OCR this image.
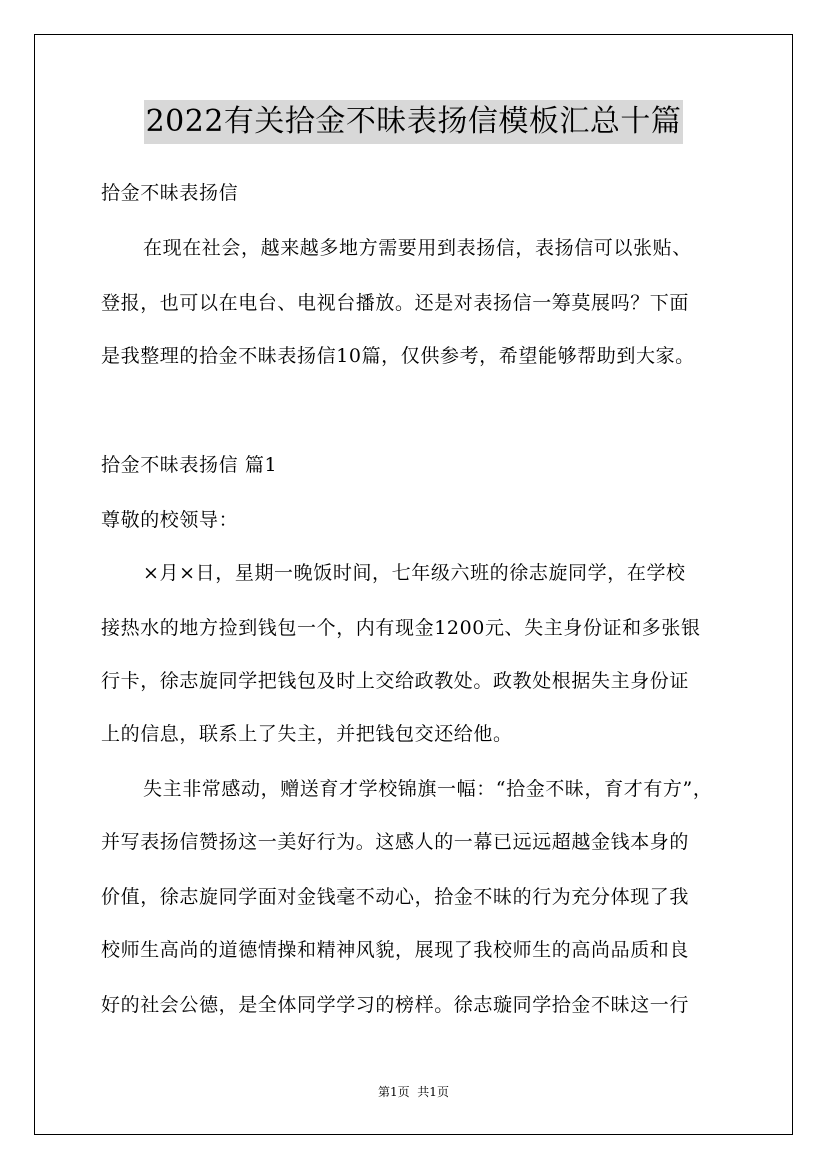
2022有关拾金不昧表扬信模板汇总十篇
拾金不昧表扬信
在现在社会，越来越多地方需要用到表扬信，表扬信可以张贴、
登报，也可以在电台、电视台播放。还是对表扬信一筹莫展吗？下面
是我整理的拾金不昧表扬信10篇，仅供参考，希望能够帮助到大家。
拾金不昧表扬信 篇1
尊敬的校领导：
×月×日，星期一晚饭时间，七年级六班的徐志旋同学，在学校
接热水的地方捡到钱包一个，内有现金1200元、失主身份证和多张银
行卡，徐志旋同学把钱包及时上交给政教处。政教处根据失主身份证
上的信息，联系上了失主，并把钱包交还给他。
失主非常感动，赠送育才学校锦旗一幅：“拾金不昧，育才有方”，
并写表扬信赞扬这一美好行为。这感人的一幕已远远超越金钱本身的
价值，徐志旋同学面对金钱毫不动心，拾金不昧的行为充分体现了我
校师生高尚的道德情操和精神风貌，展现了我校师生的高尚品质和良
好的社会公德，是全体同学学习的榜样。徐志璇同学拾金不昧这一行
第1页  共1页
